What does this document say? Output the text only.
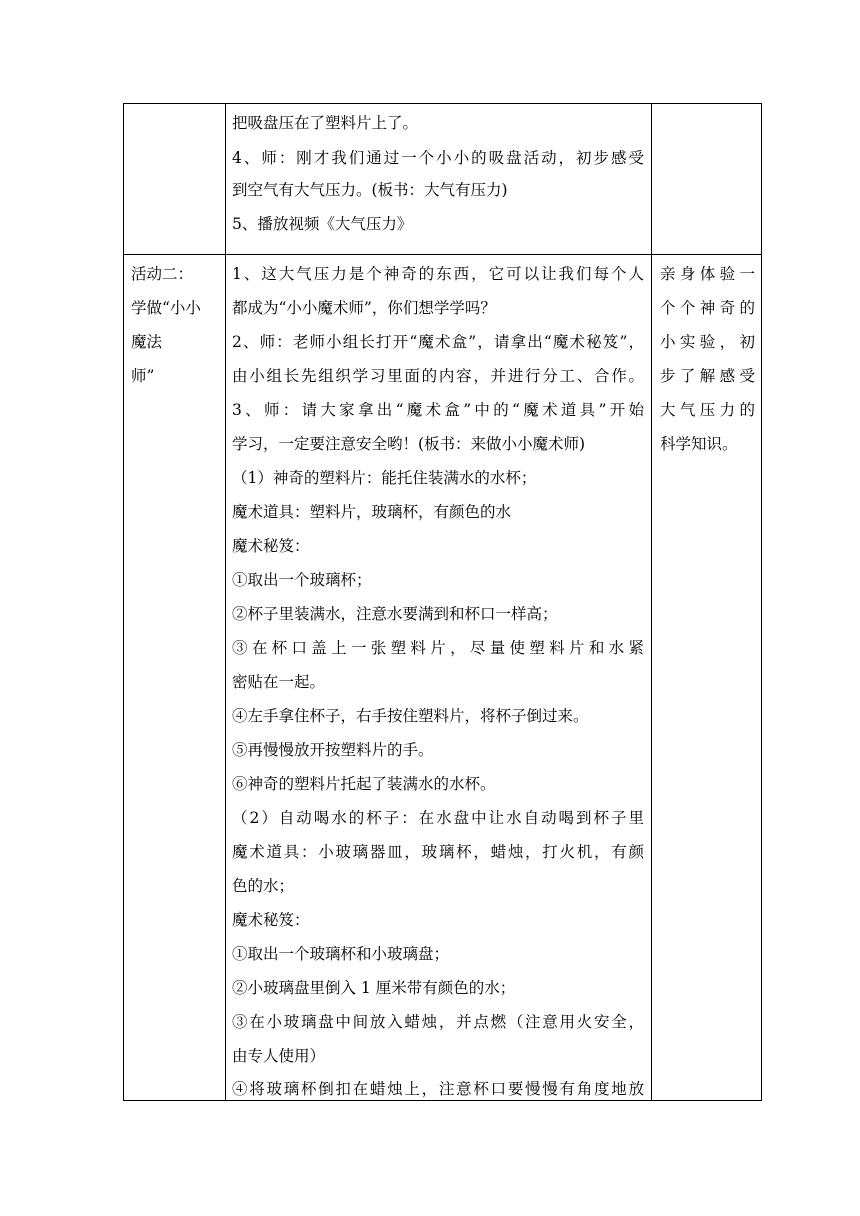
把吸盘压在了塑料片上了。
4、师：刚才我们通过一个小小的吸盘活动，初步感受
到空气有大气压力。(板书：大气有压力)
5、播放视频《大气压力》
活动二：
学做“小小
魔法
师”
1、这大气压力是个神奇的东西，它可以让我们每个人
都成为“小小魔术师”，你们想学学吗？
2、师：老师小组长打开“魔术盒”，请拿出“魔术秘笈”，
由小组长先组织学习里面的内容，并进行分工、合作。
3、师：请大家拿出“魔术盒”中的“魔术道具”开始
学习，一定要注意安全哟！(板书：来做小小魔术师)
（1）神奇的塑料片：能托住装满水的水杯；
魔术道具：塑料片，玻璃杯，有颜色的水
魔术秘笈：
①取出一个玻璃杯；
②杯子里装满水，注意水要满到和杯口一样高；
③在杯口盖上一张塑料片，尽量使塑料片和水紧
密贴在一起。
④左手拿住杯子，右手按住塑料片，将杯子倒过来。
⑤再慢慢放开按塑料片的手。
⑥神奇的塑料片托起了装满水的水杯。
（2）自动喝水的杯子：在水盘中让水自动喝到杯子里
魔术道具：小玻璃器皿，玻璃杯，蜡烛，打火机，有颜
色的水；
魔术秘笈：
①取出一个玻璃杯和小玻璃盘；
②小玻璃盘里倒入 1 厘米带有颜色的水；
③在小玻璃盘中间放入蜡烛，并点燃（注意用火安全，
由专人使用）
④将玻璃杯倒扣在蜡烛上，注意杯口要慢慢有角度地放
亲身体验一
个个神奇的
小实验，初
步了解感受
大气压力的
科学知识。
